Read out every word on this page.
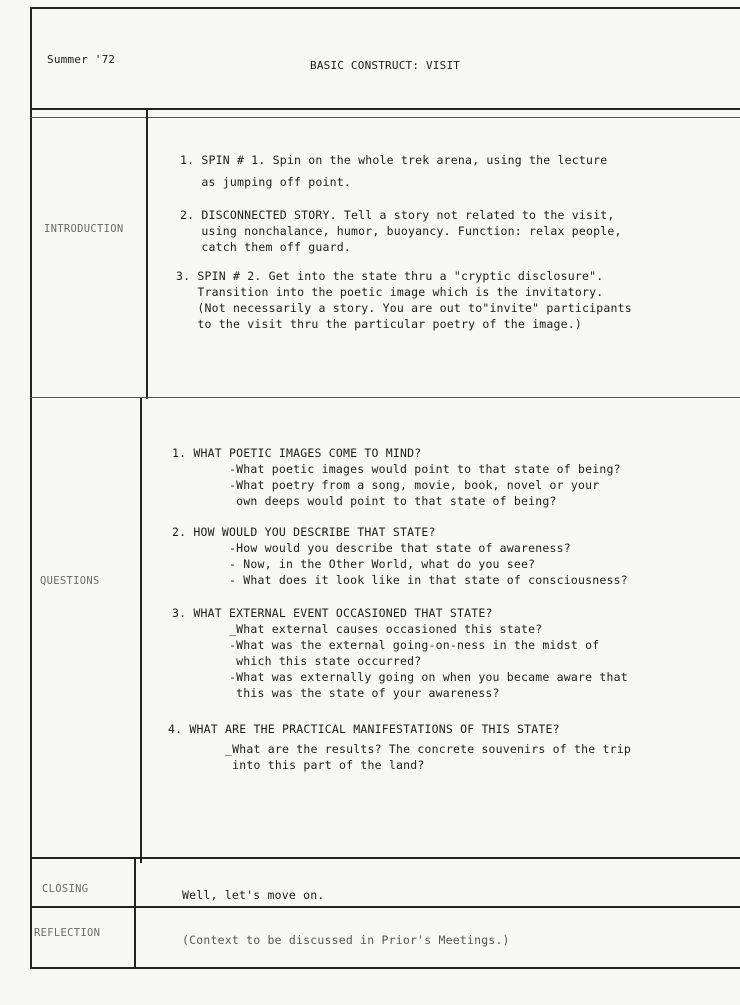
Summer '72	BASIC CONSTRUCT: VISIT
INTRODUCTION
1. SPIN # 1. Spin on the whole trek arena, using the lecture
as jumping off point.
2. DISCONNECTED STORY. Tell a story not related to the visit,
using nonchalance, humor, buoyancy. Function: relax people,
catch them off guard.
3. SPIN # 2. Get into the state thru a "cryptic disclosure".
Transition into the poetic image which is the invitatory.
(Not necessarily a story. You are out to"invite" participants
to the visit thru the particular poetry of the image.)
QUESTIONS
1. WHAT POETIC IMAGES COME TO MIND?
-What poetic images would point to that state of being?
-What poetry from a song, movie, book, novel or your
own deeps would point to that state of being?
2. HOW WOULD YOU DESCRIBE THAT STATE?
-How would you describe that state of awareness?
- Now, in the Other World, what do you see?
- What does it look like in that state of consciousness?
3. WHAT EXTERNAL EVENT OCCASIONED THAT STATE?
_What external causes occasioned this state?
-What was the external going-on-ness in the midst of
which this state occurred?
-What was externally going on when you became aware that
this was the state of your awareness?
4. WHAT ARE THE PRACTICAL MANIFESTATIONS OF THIS STATE?
_What are the results? The concrete souvenirs of the trip
into this part of the land?
CLOSING	Well, let's move on.
REFLECTION	(Context to be discussed in Prior's Meetings.)
